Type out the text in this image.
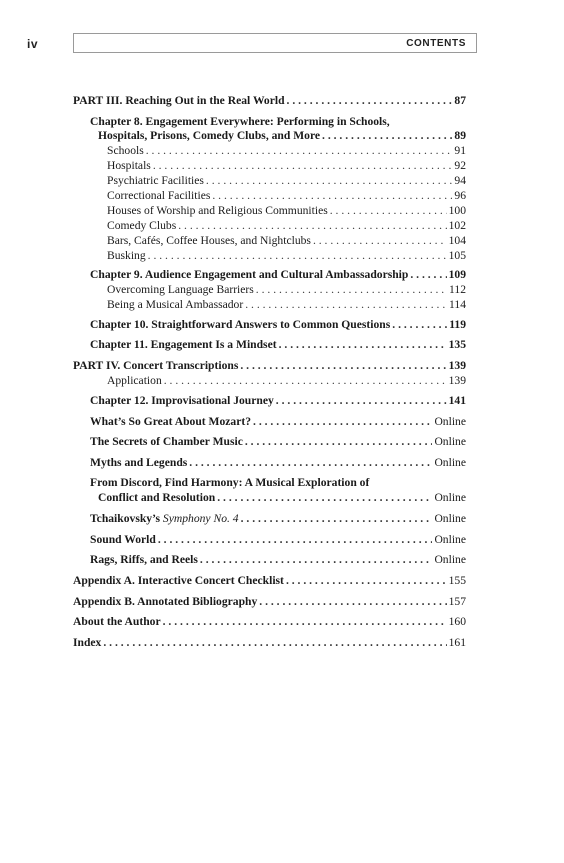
iv	CONTENTS
PART III. Reaching Out in the Real World . . .	87
Chapter 8. Engagement Everywhere: Performing in Schools,
Hospitals, Prisons, Comedy Clubs, and More . . .	89
Schools . . .	91
Hospitals . . .	92
Psychiatric Facilities . . .	94
Correctional Facilities . . .	96
Houses of Worship and Religious Communities . . .	100
Comedy Clubs . . .	102
Bars, Cafés, Coffee Houses, and Nightclubs . . .	104
Busking . . .	105
Chapter 9. Audience Engagement and Cultural Ambassadorship . . .	109
Overcoming Language Barriers . . .	112
Being a Musical Ambassador . . .	114
Chapter 10. Straightforward Answers to Common Questions . . .	119
Chapter 11. Engagement Is a Mindset . . .	135
PART IV. Concert Transcriptions . . .	139
Application . . .	139
Chapter 12. Improvisational Journey . . .	141
What’s So Great About Mozart? . . .	Online
The Secrets of Chamber Music . . .	Online
Myths and Legends . . .	Online
From Discord, Find Harmony: A Musical Exploration of
Conflict and Resolution . . .	Online
Tchaikovsky’s Symphony No. 4 . . .	Online
Sound World . . .	Online
Rags, Riffs, and Reels . . .	Online
Appendix A. Interactive Concert Checklist . . .	155
Appendix B. Annotated Bibliography . . .	157
About the Author . . .	160
Index . . .	161
